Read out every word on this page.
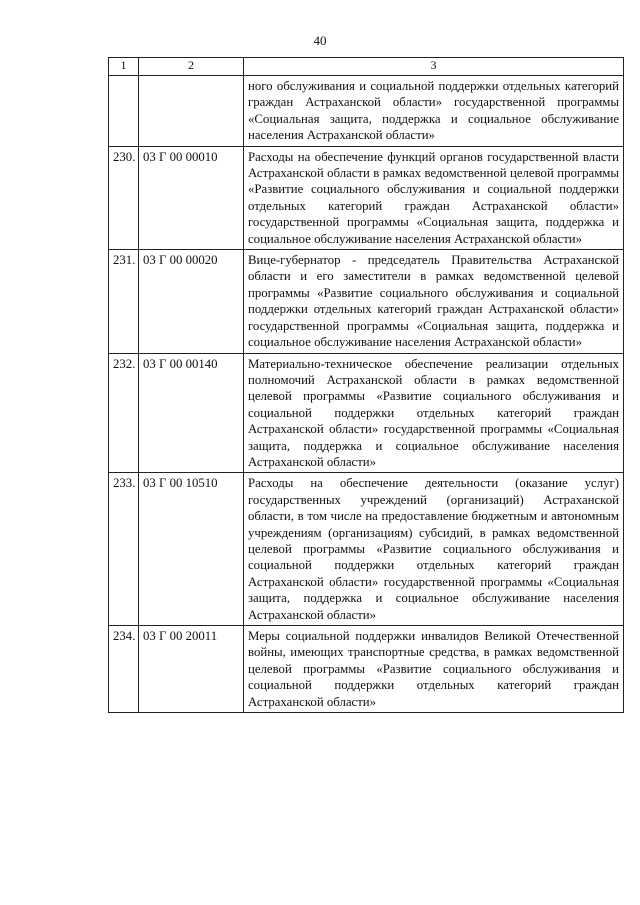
40
1	2	3
		ного обслуживания и социальной поддержки отдельных категорий граждан Астраханской области» государственной программы «Социальная защита, поддержка и социальное обслуживание населения Астраханской области»
230.	03 Г 00 00010	Расходы на обеспечение функций органов государственной власти Астраханской области в рамках ведомственной целевой программы «Развитие социального обслуживания и социальной поддержки отдельных категорий граждан Астраханской области» государственной программы «Социальная защита, поддержка и социальное обслуживание населения Астраханской области»
231.	03 Г 00 00020	Вице-губернатор - председатель Правительства Астраханской области и его заместители в рамках ведомственной целевой программы «Развитие социального обслуживания и социальной поддержки отдельных категорий граждан Астраханской области» государственной программы «Социальная защита, поддержка и социальное обслуживание населения Астраханской области»
232.	03 Г 00 00140	Материально-техническое обеспечение реализации отдельных полномочий Астраханской области в рамках ведомственной целевой программы «Развитие социального обслуживания и социальной поддержки отдельных категорий граждан Астраханской области» государственной программы «Социальная защита, поддержка и социальное обслуживание населения Астраханской области»
233.	03 Г 00 10510	Расходы на обеспечение деятельности (оказание услуг) государственных учреждений (организаций) Астраханской области, в том числе на предоставление бюджетным и автономным учреждениям (организациям) субсидий, в рамках ведомственной целевой программы «Развитие социального обслуживания и социальной поддержки отдельных категорий граждан Астраханской области» государственной программы «Социальная защита, поддержка и социальное обслуживание населения Астраханской области»
234.	03 Г 00 20011	Меры социальной поддержки инвалидов Великой Отечественной войны, имеющих транспортные средства, в рамках ведомственной целевой программы «Развитие социального обслуживания и социальной поддержки отдельных категорий граждан Астраханской области»
